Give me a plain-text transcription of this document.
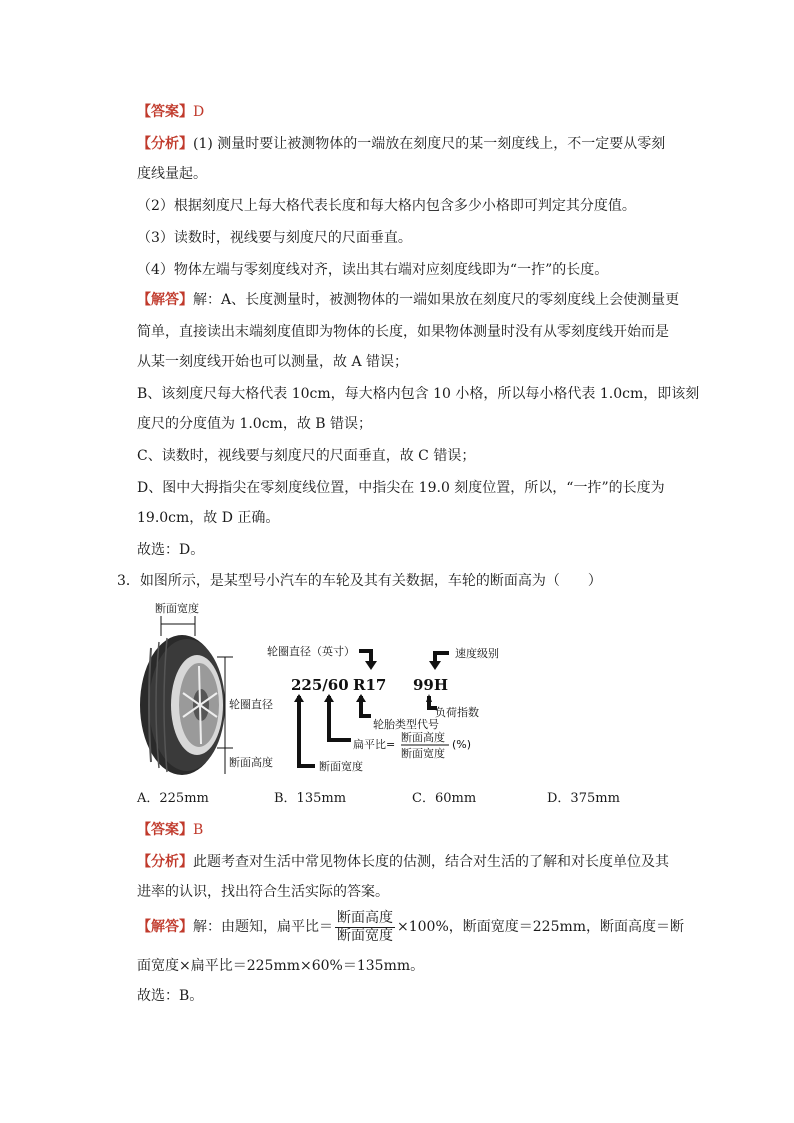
【答案】D
【分析】(1) 测量时要让被测物体的一端放在刻度尺的某一刻度线上，不一定要从零刻
度线量起。
（2）根据刻度尺上每大格代表长度和每大格内包含多少小格即可判定其分度值。
（3）读数时，视线要与刻度尺的尺面垂直。
（4）物体左端与零刻度线对齐，读出其右端对应刻度线即为“一拃”的长度。
【解答】解：A、长度测量时，被测物体的一端如果放在刻度尺的零刻度线上会使测量更
简单，直接读出末端刻度值即为物体的长度，如果物体测量时没有从零刻度线开始而是
从某一刻度线开始也可以测量，故 A 错误；
B、该刻度尺每大格代表 10cm，每大格内包含 10 小格，所以每小格代表 1.0cm，即该刻
度尺的分度值为 1.0cm，故 B 错误；
C、读数时，视线要与刻度尺的尺面垂直，故 C 错误；
D、图中大拇指尖在零刻度线位置，中指尖在 19.0 刻度位置，所以，“一拃”的长度为
19.0cm，故 D 正确。
故选：D。
3．如图所示，是某型号小汽车的车轮及其有关数据，车轮的断面高为（　　）
断面宽度
轮圈直径
断面高度
轮圈直径（英寸）	速度级别
225/60 R17 99H
负荷指数
轮胎类型代号
扁平比=
断面高度
断面宽度
(%)
断面宽度
A．225mm	B．135mm	C．60mm	D．375mm
【答案】B
【分析】此题考查对生活中常见物体长度的估测，结合对生活的了解和对长度单位及其
进率的认识，找出符合生活实际的答案。
【解答】解：由题知，扁平比＝ $\frac{\text{断面高度}}{\text{断面宽度}} \times 100\%$，断面宽度＝225mm，断面高度＝断
面宽度×扁平比＝225mm×60%＝135mm。
故选：B。
